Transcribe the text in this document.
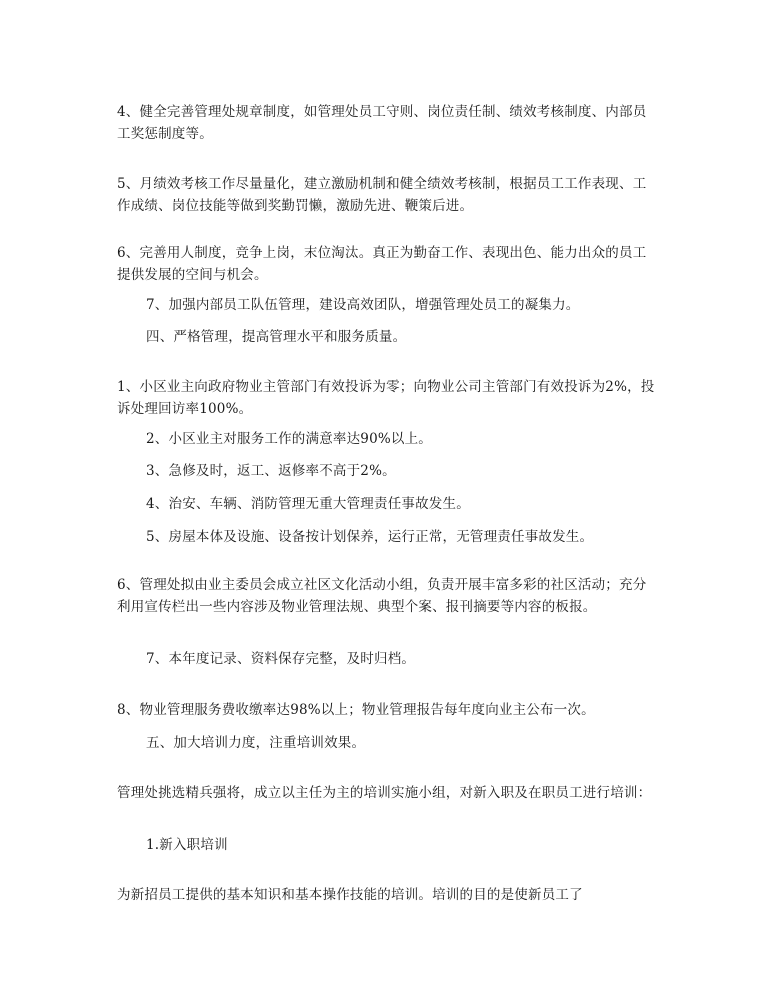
4、健全完善管理处规章制度，如管理处员工守则、岗位责任制、绩效考核制度、内部员工奖惩制度等。

5、月绩效考核工作尽量量化，建立激励机制和健全绩效考核制，根据员工工作表现、工作成绩、岗位技能等做到奖勤罚懒，激励先进、鞭策后进。

6、完善用人制度，竞争上岗，末位淘汰。真正为勤奋工作、表现出色、能力出众的员工提供发展的空间与机会。

7、加强内部员工队伍管理，建设高效团队，增强管理处员工的凝集力。

四、严格管理，提高管理水平和服务质量。

1、小区业主向政府物业主管部门有效投诉为零；向物业公司主管部门有效投诉为2%，投诉处理回访率100%。

2、小区业主对服务工作的满意率达90%以上。

3、急修及时，返工、返修率不高于2%。

4、治安、车辆、消防管理无重大管理责任事故发生。

5、房屋本体及设施、设备按计划保养，运行正常，无管理责任事故发生。

6、管理处拟由业主委员会成立社区文化活动小组，负责开展丰富多彩的社区活动；充分利用宣传栏出一些内容涉及物业管理法规、典型个案、报刊摘要等内容的板报。

7、本年度记录、资料保存完整，及时归档。

8、物业管理服务费收缴率达98%以上；物业管理报告每年度向业主公布一次。

五、加大培训力度，注重培训效果。

管理处挑选精兵强将，成立以主任为主的培训实施小组，对新入职及在职员工进行培训：

1.新入职培训

为新招员工提供的基本知识和基本操作技能的培训。培训的目的是使新员工了
